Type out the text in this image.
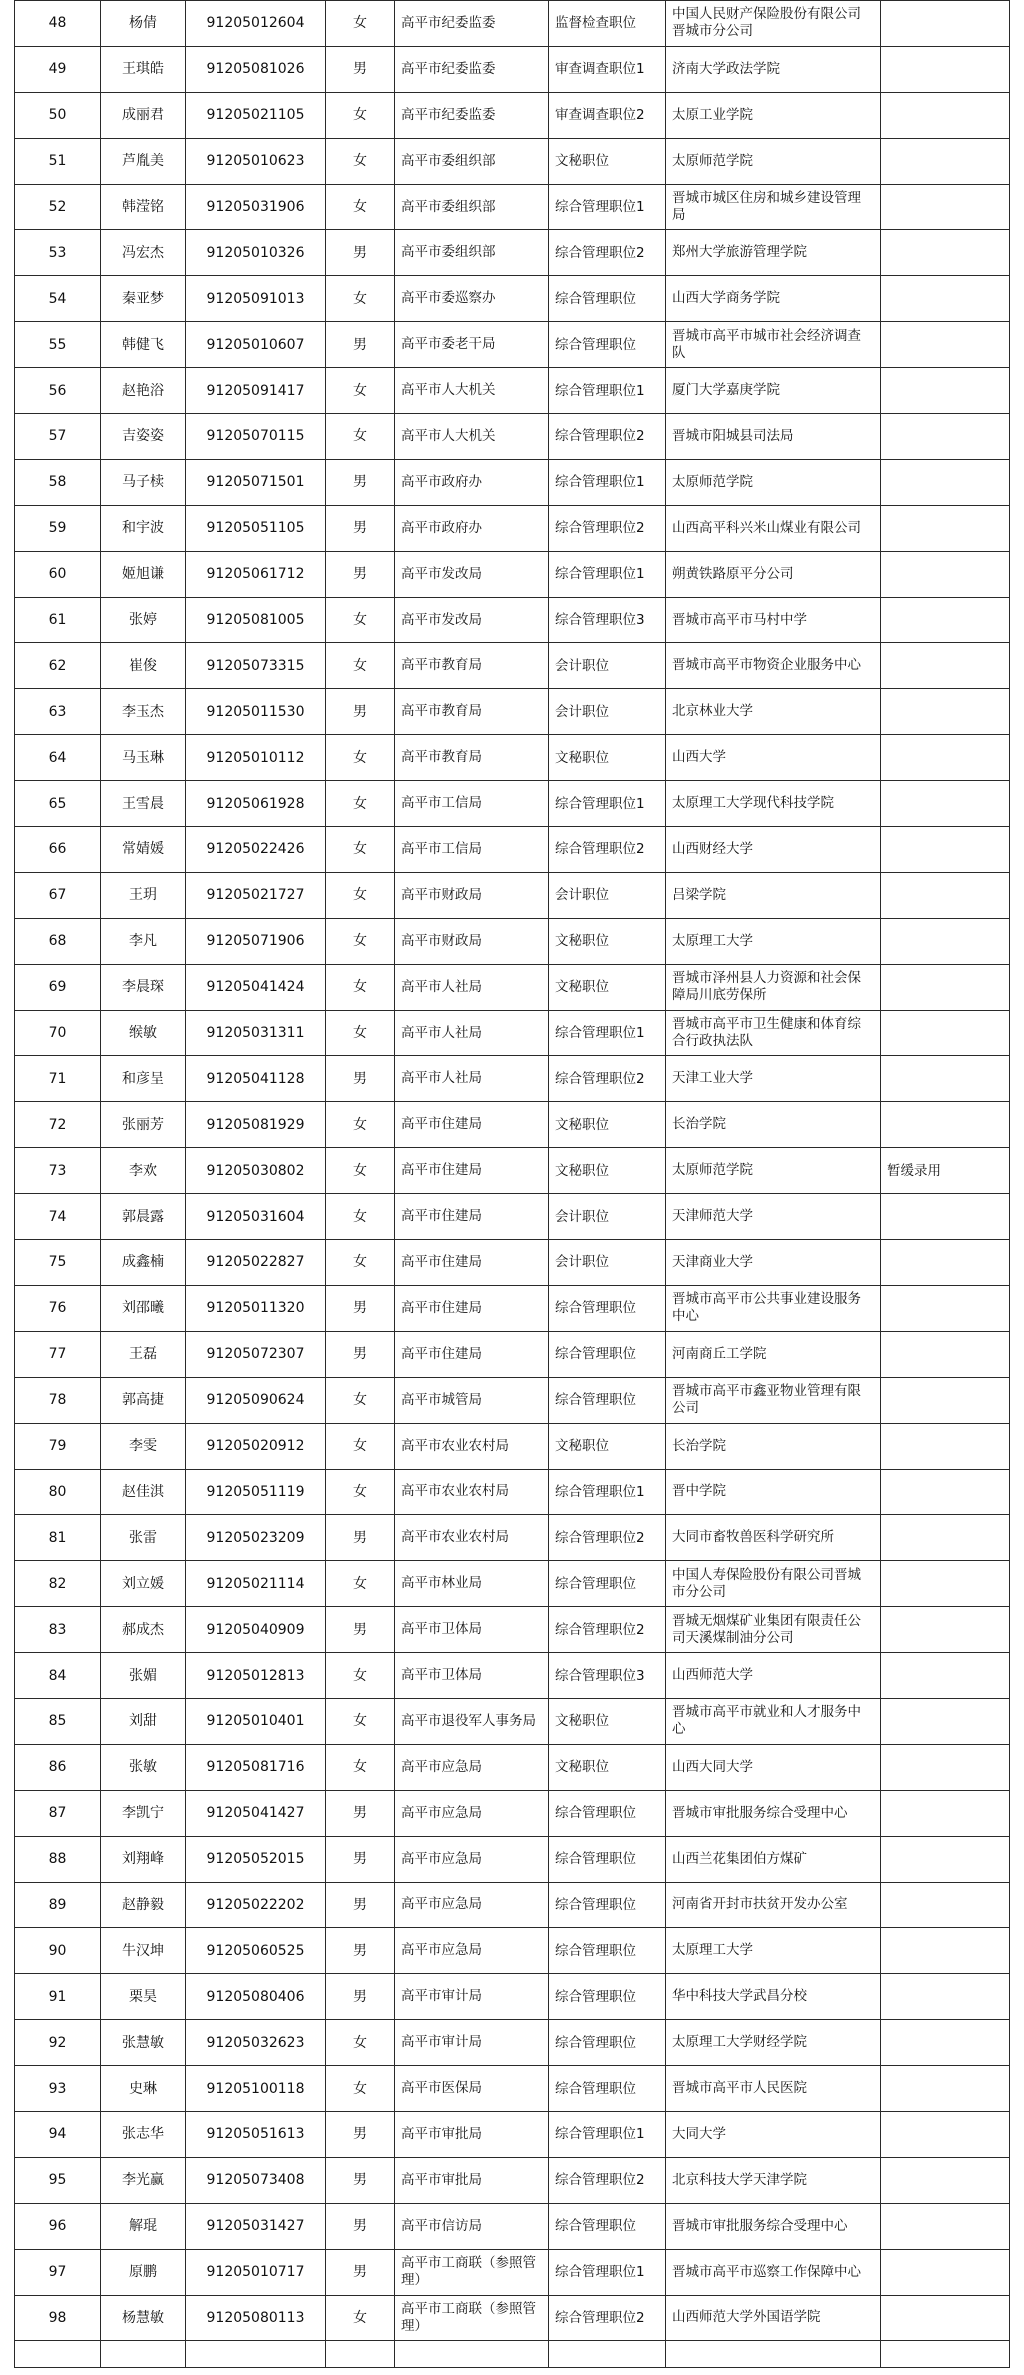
48	杨倩	91205012604	女	高平市纪委监委	监督检查职位	中国人民财产保险股份有限公司晋城市分公司	
49	王琪皓	91205081026	男	高平市纪委监委	审查调查职位1	济南大学政法学院	
50	成丽君	91205021105	女	高平市纪委监委	审查调查职位2	太原工业学院	
51	芦胤美	91205010623	女	高平市委组织部	文秘职位	太原师范学院	
52	韩滢铭	91205031906	女	高平市委组织部	综合管理职位1	晋城市城区住房和城乡建设管理局	
53	冯宏杰	91205010326	男	高平市委组织部	综合管理职位2	郑州大学旅游管理学院	
54	秦亚梦	91205091013	女	高平市委巡察办	综合管理职位	山西大学商务学院	
55	韩健飞	91205010607	男	高平市委老干局	综合管理职位	晋城市高平市城市社会经济调查队	
56	赵艳浴	91205091417	女	高平市人大机关	综合管理职位1	厦门大学嘉庚学院	
57	吉姿姿	91205070115	女	高平市人大机关	综合管理职位2	晋城市阳城县司法局	
58	马子椟	91205071501	男	高平市政府办	综合管理职位1	太原师范学院	
59	和宇波	91205051105	男	高平市政府办	综合管理职位2	山西高平科兴米山煤业有限公司	
60	姬旭谦	91205061712	男	高平市发改局	综合管理职位1	朔黄铁路原平分公司	
61	张婷	91205081005	女	高平市发改局	综合管理职位3	晋城市高平市马村中学	
62	崔俊	91205073315	女	高平市教育局	会计职位	晋城市高平市物资企业服务中心	
63	李玉杰	91205011530	男	高平市教育局	会计职位	北京林业大学	
64	马玉琳	91205010112	女	高平市教育局	文秘职位	山西大学	
65	王雪晨	91205061928	女	高平市工信局	综合管理职位1	太原理工大学现代科技学院	
66	常婧媛	91205022426	女	高平市工信局	综合管理职位2	山西财经大学	
67	王玥	91205021727	女	高平市财政局	会计职位	吕梁学院	
68	李凡	91205071906	女	高平市财政局	文秘职位	太原理工大学	
69	李晨琛	91205041424	女	高平市人社局	文秘职位	晋城市泽州县人力资源和社会保障局川底劳保所	
70	缑敏	91205031311	女	高平市人社局	综合管理职位1	晋城市高平市卫生健康和体育综合行政执法队	
71	和彦呈	91205041128	男	高平市人社局	综合管理职位2	天津工业大学	
72	张丽芳	91205081929	女	高平市住建局	文秘职位	长治学院	
73	李欢	91205030802	女	高平市住建局	文秘职位	太原师范学院	暂缓录用
74	郭晨露	91205031604	女	高平市住建局	会计职位	天津师范大学	
75	成鑫楠	91205022827	女	高平市住建局	会计职位	天津商业大学	
76	刘邵曦	91205011320	男	高平市住建局	综合管理职位	晋城市高平市公共事业建设服务中心	
77	王磊	91205072307	男	高平市住建局	综合管理职位	河南商丘工学院	
78	郭高捷	91205090624	女	高平市城管局	综合管理职位	晋城市高平市鑫亚物业管理有限公司	
79	李雯	91205020912	女	高平市农业农村局	文秘职位	长治学院	
80	赵佳淇	91205051119	女	高平市农业农村局	综合管理职位1	晋中学院	
81	张雷	91205023209	男	高平市农业农村局	综合管理职位2	大同市畜牧兽医科学研究所	
82	刘立媛	91205021114	女	高平市林业局	综合管理职位	中国人寿保险股份有限公司晋城市分公司	
83	郝成杰	91205040909	男	高平市卫体局	综合管理职位2	晋城无烟煤矿业集团有限责任公司天溪煤制油分公司	
84	张媚	91205012813	女	高平市卫体局	综合管理职位3	山西师范大学	
85	刘甜	91205010401	女	高平市退役军人事务局	文秘职位	晋城市高平市就业和人才服务中心	
86	张敏	91205081716	女	高平市应急局	文秘职位	山西大同大学	
87	李凯宁	91205041427	男	高平市应急局	综合管理职位	晋城市审批服务综合受理中心	
88	刘翔峰	91205052015	男	高平市应急局	综合管理职位	山西兰花集团伯方煤矿	
89	赵静毅	91205022202	男	高平市应急局	综合管理职位	河南省开封市扶贫开发办公室	
90	牛汉坤	91205060525	男	高平市应急局	综合管理职位	太原理工大学	
91	栗昊	91205080406	男	高平市审计局	综合管理职位	华中科技大学武昌分校	
92	张慧敏	91205032623	女	高平市审计局	综合管理职位	太原理工大学财经学院	
93	史琳	91205100118	女	高平市医保局	综合管理职位	晋城市高平市人民医院	
94	张志华	91205051613	男	高平市审批局	综合管理职位1	大同大学	
95	李光赢	91205073408	男	高平市审批局	综合管理职位2	北京科技大学天津学院	
96	解琨	91205031427	男	高平市信访局	综合管理职位	晋城市审批服务综合受理中心	
97	原鹏	91205010717	男	高平市工商联（参照管理）	综合管理职位1	晋城市高平市巡察工作保障中心	
98	杨慧敏	91205080113	女	高平市工商联（参照管理）	综合管理职位2	山西师范大学外国语学院	
